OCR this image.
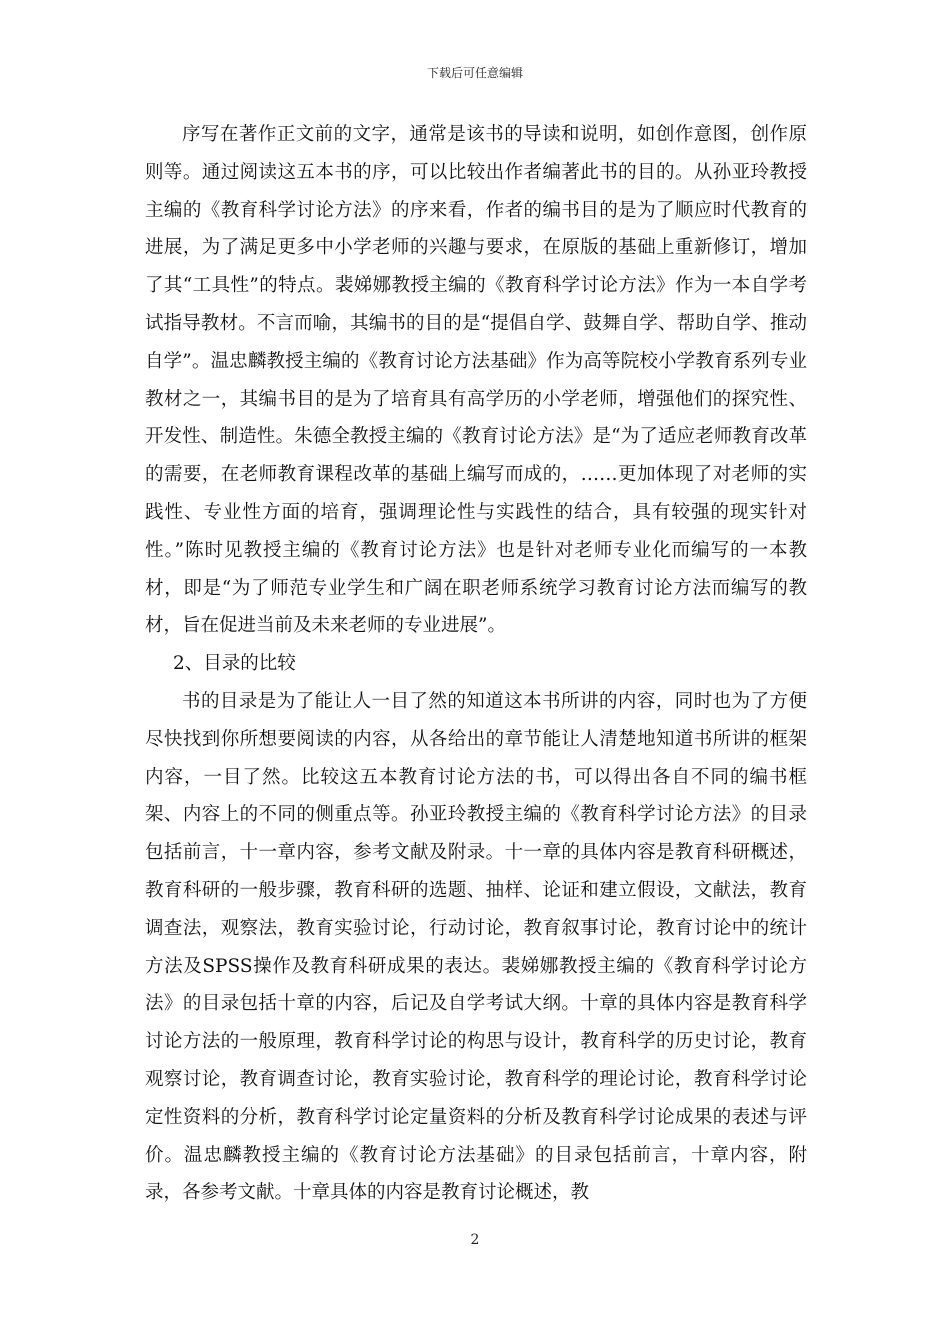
下载后可任意编辑

序写在著作正文前的文字，通常是该书的导读和说明，如创作意图，创作原则等。通过阅读这五本书的序，可以比较出作者编著此书的目的。从孙亚玲教授主编的《教育科学讨论方法》的序来看，作者的编书目的是为了顺应时代教育的进展，为了满足更多中小学老师的兴趣与要求，在原版的基础上重新修订，增加了其“工具性”的特点。裴娣娜教授主编的《教育科学讨论方法》作为一本自学考试指导教材。不言而喻，其编书的目的是“提倡自学、鼓舞自学、帮助自学、推动自学”。温忠麟教授主编的《教育讨论方法基础》作为高等院校小学教育系列专业教材之一，其编书目的是为了培育具有高学历的小学老师，增强他们的探究性、开发性、制造性。朱德全教授主编的《教育讨论方法》是“为了适应老师教育改革的需要，在老师教育课程改革的基础上编写而成的，……更加体现了对老师的实践性、专业性方面的培育，强调理论性与实践性的结合，具有较强的现实针对性。”陈时见教授主编的《教育讨论方法》也是针对老师专业化而编写的一本教材，即是“为了师范专业学生和广阔在职老师系统学习教育讨论方法而编写的教材，旨在促进当前及未来老师的专业进展”。

2、目录的比较

书的目录是为了能让人一目了然的知道这本书所讲的内容，同时也为了方便尽快找到你所想要阅读的内容，从各给出的章节能让人清楚地知道书所讲的框架内容，一目了然。比较这五本教育讨论方法的书，可以得出各自不同的编书框架、内容上的不同的侧重点等。孙亚玲教授主编的《教育科学讨论方法》的目录包括前言，十一章内容，参考文献及附录。十一章的具体内容是教育科研概述，教育科研的一般步骤，教育科研的选题、抽样、论证和建立假设，文献法，教育调查法，观察法，教育实验讨论，行动讨论，教育叙事讨论，教育讨论中的统计方法及SPSS操作及教育科研成果的表达。裴娣娜教授主编的《教育科学讨论方法》的目录包括十章的内容，后记及自学考试大纲。十章的具体内容是教育科学讨论方法的一般原理，教育科学讨论的构思与设计，教育科学的历史讨论，教育观察讨论，教育调查讨论，教育实验讨论，教育科学的理论讨论，教育科学讨论定性资料的分析，教育科学讨论定量资料的分析及教育科学讨论成果的表述与评价。温忠麟教授主编的《教育讨论方法基础》的目录包括前言，十章内容，附录，各参考文献。十章具体的内容是教育讨论概述，教

2
